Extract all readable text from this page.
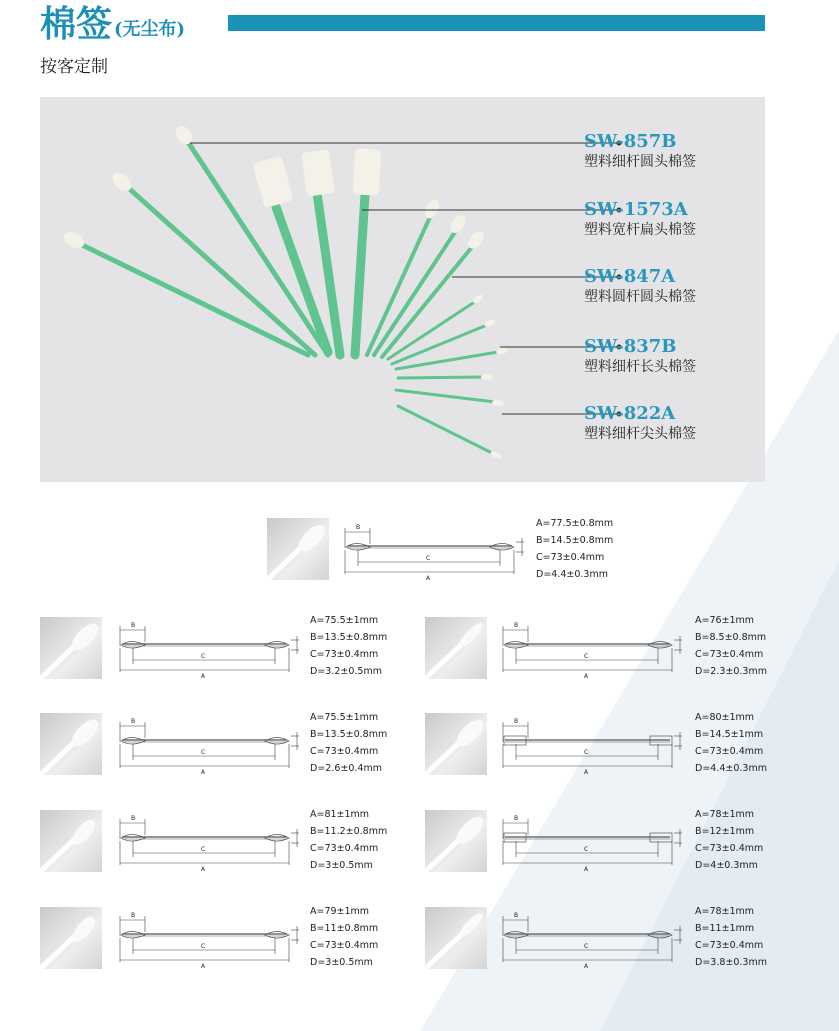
棉签 (无尘布)
按客定制
SW-857B
塑料细杆圆头棉签
SW-1573A
塑料宽杆扁头棉签
SW-847A
塑料圆杆圆头棉签
SW-837B
塑料细杆长头棉签
SW-822A
塑料细杆尖头棉签
B
C
A
A=77.5±0.8mm
B=14.5±0.8mm
C=73±0.4mm
D=4.4±0.3mm
B
C
A
A=75.5±1mm
B=13.5±0.8mm
C=73±0.4mm
D=3.2±0.5mm
B
C
A
A=76±1mm
B=8.5±0.8mm
C=73±0.4mm
D=2.3±0.3mm
B
C
A
A=75.5±1mm
B=13.5±0.8mm
C=73±0.4mm
D=2.6±0.4mm
B
C
A
A=80±1mm
B=14.5±1mm
C=73±0.4mm
D=4.4±0.3mm
B
C
A
A=81±1mm
B=11.2±0.8mm
C=73±0.4mm
D=3±0.5mm
B
C
A
A=78±1mm
B=12±1mm
C=73±0.4mm
D=4±0.3mm
B
C
A
A=79±1mm
B=11±0.8mm
C=73±0.4mm
D=3±0.5mm
B
C
A
A=78±1mm
B=11±1mm
C=73±0.4mm
D=3.8±0.3mm
